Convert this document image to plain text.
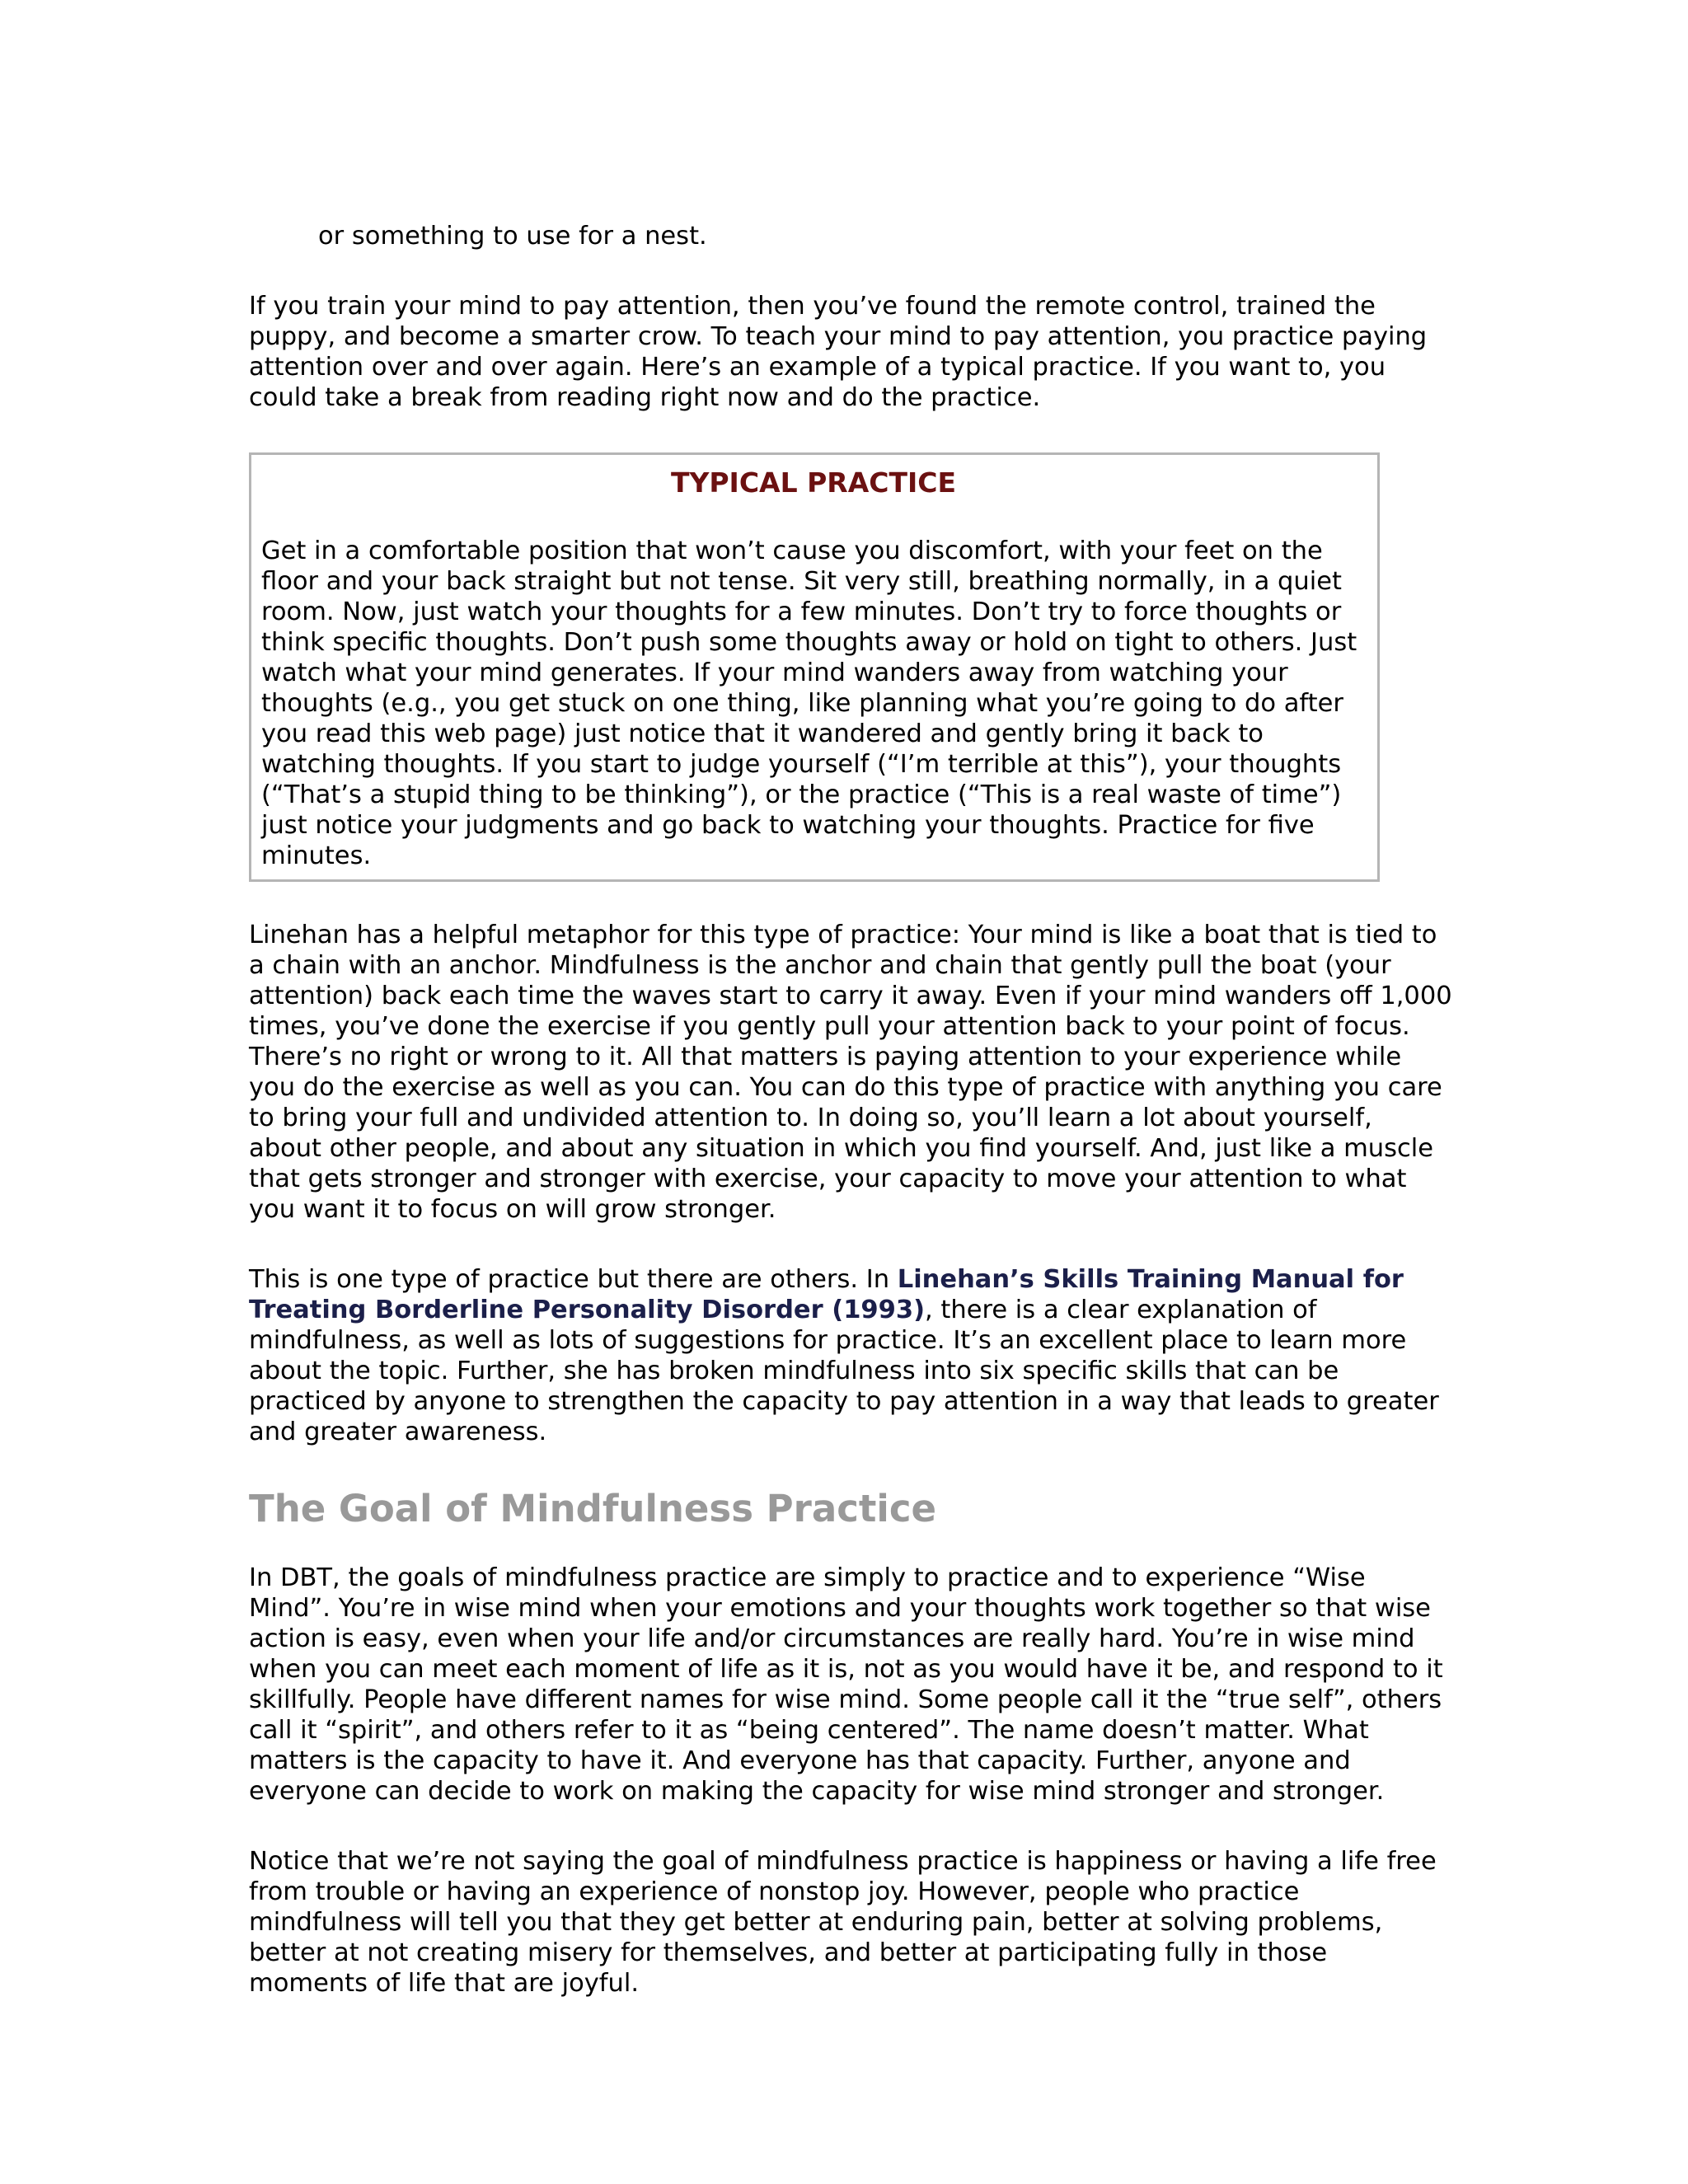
or something to use for a nest.

If you train your mind to pay attention, then you’ve found the remote control, trained the puppy, and become a smarter crow. To teach your mind to pay attention, you practice paying attention over and over again. Here’s an example of a typical practice. If you want to, you could take a break from reading right now and do the practice.

TYPICAL PRACTICE

Get in a comfortable position that won’t cause you discomfort, with your feet on the floor and your back straight but not tense. Sit very still, breathing normally, in a quiet room. Now, just watch your thoughts for a few minutes. Don’t try to force thoughts or think specific thoughts. Don’t push some thoughts away or hold on tight to others. Just watch what your mind generates. If your mind wanders away from watching your thoughts (e.g., you get stuck on one thing, like planning what you’re going to do after you read this web page) just notice that it wandered and gently bring it back to watching thoughts. If you start to judge yourself (“I’m terrible at this”), your thoughts (“That’s a stupid thing to be thinking”), or the practice (“This is a real waste of time”) just notice your judgments and go back to watching your thoughts. Practice for five minutes.

Linehan has a helpful metaphor for this type of practice: Your mind is like a boat that is tied to a chain with an anchor. Mindfulness is the anchor and chain that gently pull the boat (your attention) back each time the waves start to carry it away. Even if your mind wanders off 1,000 times, you’ve done the exercise if you gently pull your attention back to your point of focus. There’s no right or wrong to it. All that matters is paying attention to your experience while you do the exercise as well as you can. You can do this type of practice with anything you care to bring your full and undivided attention to. In doing so, you’ll learn a lot about yourself, about other people, and about any situation in which you find yourself. And, just like a muscle that gets stronger and stronger with exercise, your capacity to move your attention to what you want it to focus on will grow stronger.

This is one type of practice but there are others. In Linehan’s Skills Training Manual for Treating Borderline Personality Disorder (1993), there is a clear explanation of mindfulness, as well as lots of suggestions for practice. It’s an excellent place to learn more about the topic. Further, she has broken mindfulness into six specific skills that can be practiced by anyone to strengthen the capacity to pay attention in a way that leads to greater and greater awareness.

The Goal of Mindfulness Practice

In DBT, the goals of mindfulness practice are simply to practice and to experience “Wise Mind”. You’re in wise mind when your emotions and your thoughts work together so that wise action is easy, even when your life and/or circumstances are really hard. You’re in wise mind when you can meet each moment of life as it is, not as you would have it be, and respond to it skillfully. People have different names for wise mind. Some people call it the “true self”, others call it “spirit”, and others refer to it as “being centered”. The name doesn’t matter. What matters is the capacity to have it. And everyone has that capacity. Further, anyone and everyone can decide to work on making the capacity for wise mind stronger and stronger.

Notice that we’re not saying the goal of mindfulness practice is happiness or having a life free from trouble or having an experience of nonstop joy. However, people who practice mindfulness will tell you that they get better at enduring pain, better at solving problems, better at not creating misery for themselves, and better at participating fully in those moments of life that are joyful.
